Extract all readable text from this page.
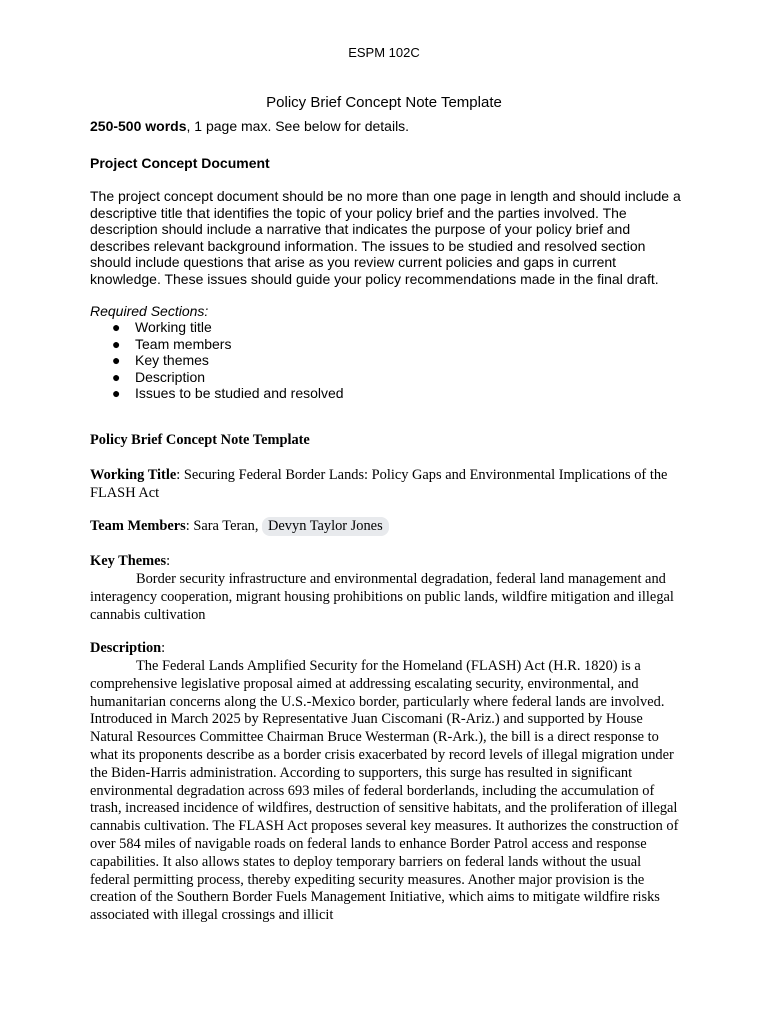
ESPM 102C
Policy Brief Concept Note Template
250-500 words, 1 page max. See below for details.
Project Concept Document

The project concept document should be no more than one page in length and should include a descriptive title that identifies the topic of your policy brief and the parties involved. The description should include a narrative that indicates the purpose of your policy brief and describes relevant background information. The issues to be studied and resolved section should include questions that arise as you review current policies and gaps in current knowledge. These issues should guide your policy recommendations made in the final draft.

Required Sections:
● Working title
● Team members
● Key themes
● Description
● Issues to be studied and resolved
Policy Brief Concept Note Template

Working Title: Securing Federal Border Lands: Policy Gaps and Environmental Implications of the FLASH Act

Team Members: Sara Teran, Devyn Taylor Jones

Key Themes:

Border security infrastructure and environmental degradation, federal land management and interagency cooperation, migrant housing prohibitions on public lands, wildfire mitigation and illegal cannabis cultivation

Description:

The Federal Lands Amplified Security for the Homeland (FLASH) Act (H.R. 1820) is a comprehensive legislative proposal aimed at addressing escalating security, environmental, and humanitarian concerns along the U.S.-Mexico border, particularly where federal lands are involved. Introduced in March 2025 by Representative Juan Ciscomani (R-Ariz.) and supported by House Natural Resources Committee Chairman Bruce Westerman (R-Ark.), the bill is a direct response to what its proponents describe as a border crisis exacerbated by record levels of illegal migration under the Biden-Harris administration. According to supporters, this surge has resulted in significant environmental degradation across 693 miles of federal borderlands, including the accumulation of trash, increased incidence of wildfires, destruction of sensitive habitats, and the proliferation of illegal cannabis cultivation. The FLASH Act proposes several key measures. It authorizes the construction of over 584 miles of navigable roads on federal lands to enhance Border Patrol access and response capabilities. It also allows states to deploy temporary barriers on federal lands without the usual federal permitting process, thereby expediting security measures. Another major provision is the creation of the Southern Border Fuels Management Initiative, which aims to mitigate wildfire risks associated with illegal crossings and illicit
